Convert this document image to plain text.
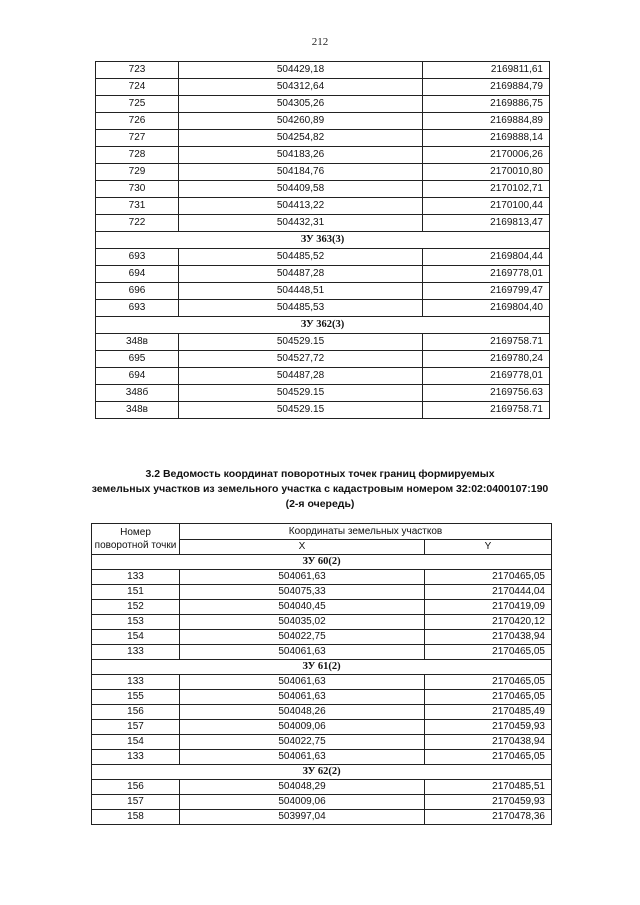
212
723	504429,18	2169811,61
724	504312,64	2169884,79
725	504305,26	2169886,75
726	504260,89	2169884,89
727	504254,82	2169888,14
728	504183,26	2170006,26
729	504184,76	2170010,80
730	504409,58	2170102,71
731	504413,22	2170100,44
722	504432,31	2169813,47
ЗУ 363(3)		
693	504485,52	2169804,44
694	504487,28	2169778,01
696	504448,51	2169799,47
693	504485,53	2169804,40
ЗУ 362(3)		
348в	504529.15	2169758.71
695	504527,72	2169780,24
694	504487,28	2169778,01
348б	504529.15	2169756.63
348в	504529.15	2169758.71
3.2 Ведомость координат поворотных точек границ формируемых
земельных участков из земельного участка с кадастровым номером 32:02:0400107:190
(2-я очередь)
Номер поворотной точки	Координаты земельных участков	
	X	Y
ЗУ 60(2)		
133	504061,63	2170465,05
151	504075,33	2170444,04
152	504040,45	2170419,09
153	504035,02	2170420,12
154	504022,75	2170438,94
133	504061,63	2170465,05
ЗУ 61(2)		
133	504061,63	2170465,05
155	504061,63	2170465,05
156	504048,26	2170485,49
157	504009,06	2170459,93
154	504022,75	2170438,94
133	504061,63	2170465,05
ЗУ 62(2)		
156	504048,29	2170485,51
157	504009,06	2170459,93
158	503997,04	2170478,36
